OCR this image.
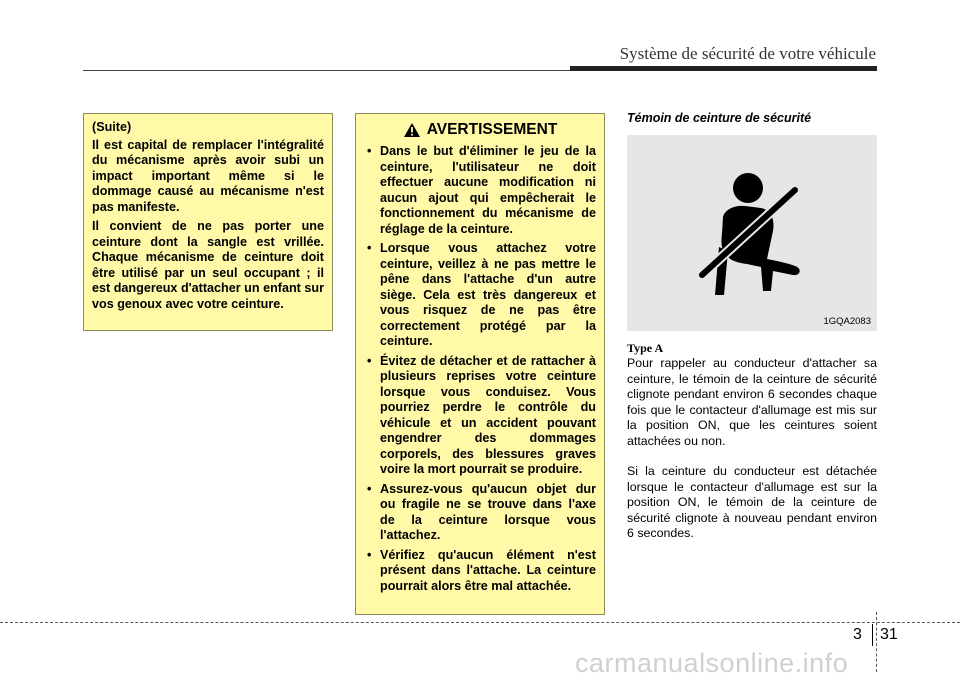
Système de sécurité de votre véhicule

(Suite)

Il est capital de remplacer l'intégralité du mécanisme après avoir subi un impact important même si le dommage causé au mécanisme n'est pas manifeste.

Il convient de ne pas porter une ceinture dont la sangle est vrillée. Chaque mécanisme de ceinture doit être utilisé par un seul occupant ; il est dangereux d'attacher un enfant sur vos genoux avec votre ceinture.

AVERTISSEMENT
• Dans le but d'éliminer le jeu de la ceinture, l'utilisateur ne doit effectuer aucune modification ni aucun ajout qui empêcherait le fonctionnement du mécanisme de réglage de la ceinture.
• Lorsque vous attachez votre ceinture, veillez à ne pas mettre le pêne dans l'attache d'un autre siège. Cela est très dangereux et vous risquez de ne pas être correctement protégé par la ceinture.
• Évitez de détacher et de rattacher à plusieurs reprises votre ceinture lorsque vous conduisez. Vous pourriez perdre le contrôle du véhicule et un accident pouvant engendrer des dommages corporels, des blessures graves voire la mort pourrait se produire.
• Assurez-vous qu'aucun objet dur ou fragile ne se trouve dans l'axe de la ceinture lorsque vous l'attachez.
• Vérifiez qu'aucun élément n'est présent dans l'attache. La ceinture pourrait alors être mal attachée.
Témoin de ceinture de sécurité
1GQA2083
Type A

Pour rappeler au conducteur d'attacher sa ceinture, le témoin de la ceinture de sécurité clignote pendant environ 6 secondes chaque fois que le contacteur d'allumage est mis sur la position ON, que les ceintures soient attachées ou non.

Si la ceinture du conducteur est détachée lorsque le contacteur d'allumage est sur la position ON, le témoin de la ceinture de sécurité clignote à nouveau pendant environ 6 secondes.

3 31
carmanualsonline.info
